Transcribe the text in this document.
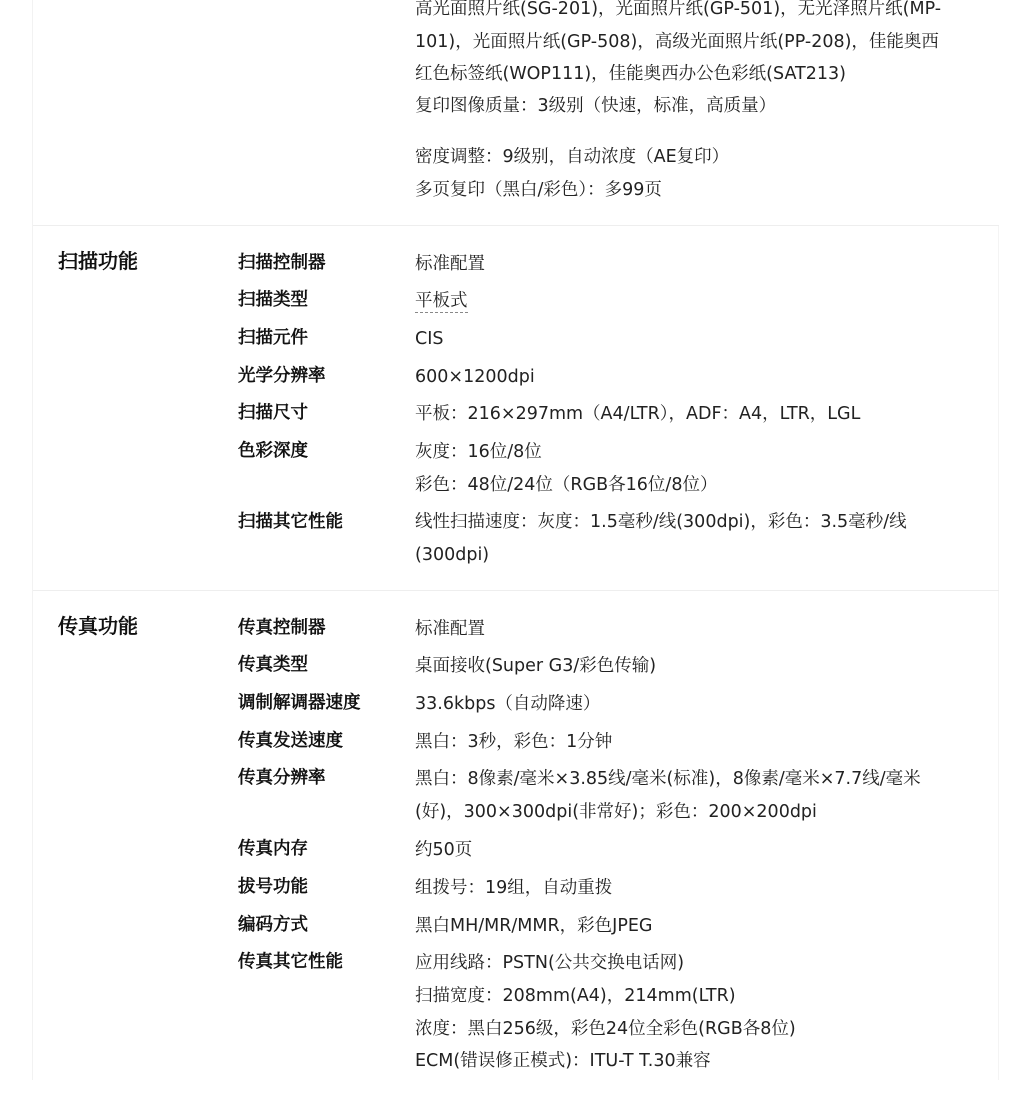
高光面照片纸(SG-201)，光面照片纸(GP-501)，无光泽照片纸(MP-
101)，光面照片纸(GP-508)，高级光面照片纸(PP-208)，佳能奥西
红色标签纸(WOP111)，佳能奥西办公色彩纸(SAT213)
复印图像质量：3级别（快速，标准，高质量）
密度调整：9级别，自动浓度（AE复印）
多页复印（黑白/彩色）：多99页
扫描功能	扫描控制器	标准配置
扫描类型	平板式
扫描元件	CIS
光学分辨率	600×1200dpi
扫描尺寸	平板：216×297mm（A4/LTR），ADF：A4，LTR，LGL
色彩深度	灰度：16位/8位
彩色：48位/24位（RGB各16位/8位）
扫描其它性能	线性扫描速度：灰度：1.5毫秒/线(300dpi)，彩色：3.5毫秒/线
(300dpi)
传真功能	传真控制器	标准配置
传真类型	桌面接收(Super G3/彩色传输)
调制解调器速度	33.6kbps（自动降速）
传真发送速度	黑白：3秒，彩色：1分钟
传真分辨率	黑白：8像素/毫米×3.85线/毫米(标准)，8像素/毫米×7.7线/毫米
(好)，300×300dpi(非常好)；彩色：200×200dpi
传真内存	约50页
拔号功能	组拨号：19组，自动重拨
编码方式	黑白MH/MR/MMR，彩色JPEG
传真其它性能	应用线路：PSTN(公共交换电话网)
扫描宽度：208mm(A4)，214mm(LTR)
浓度：黑白256级，彩色24位全彩色(RGB各8位)
ECM(错误修正模式)：ITU-T T.30兼容
